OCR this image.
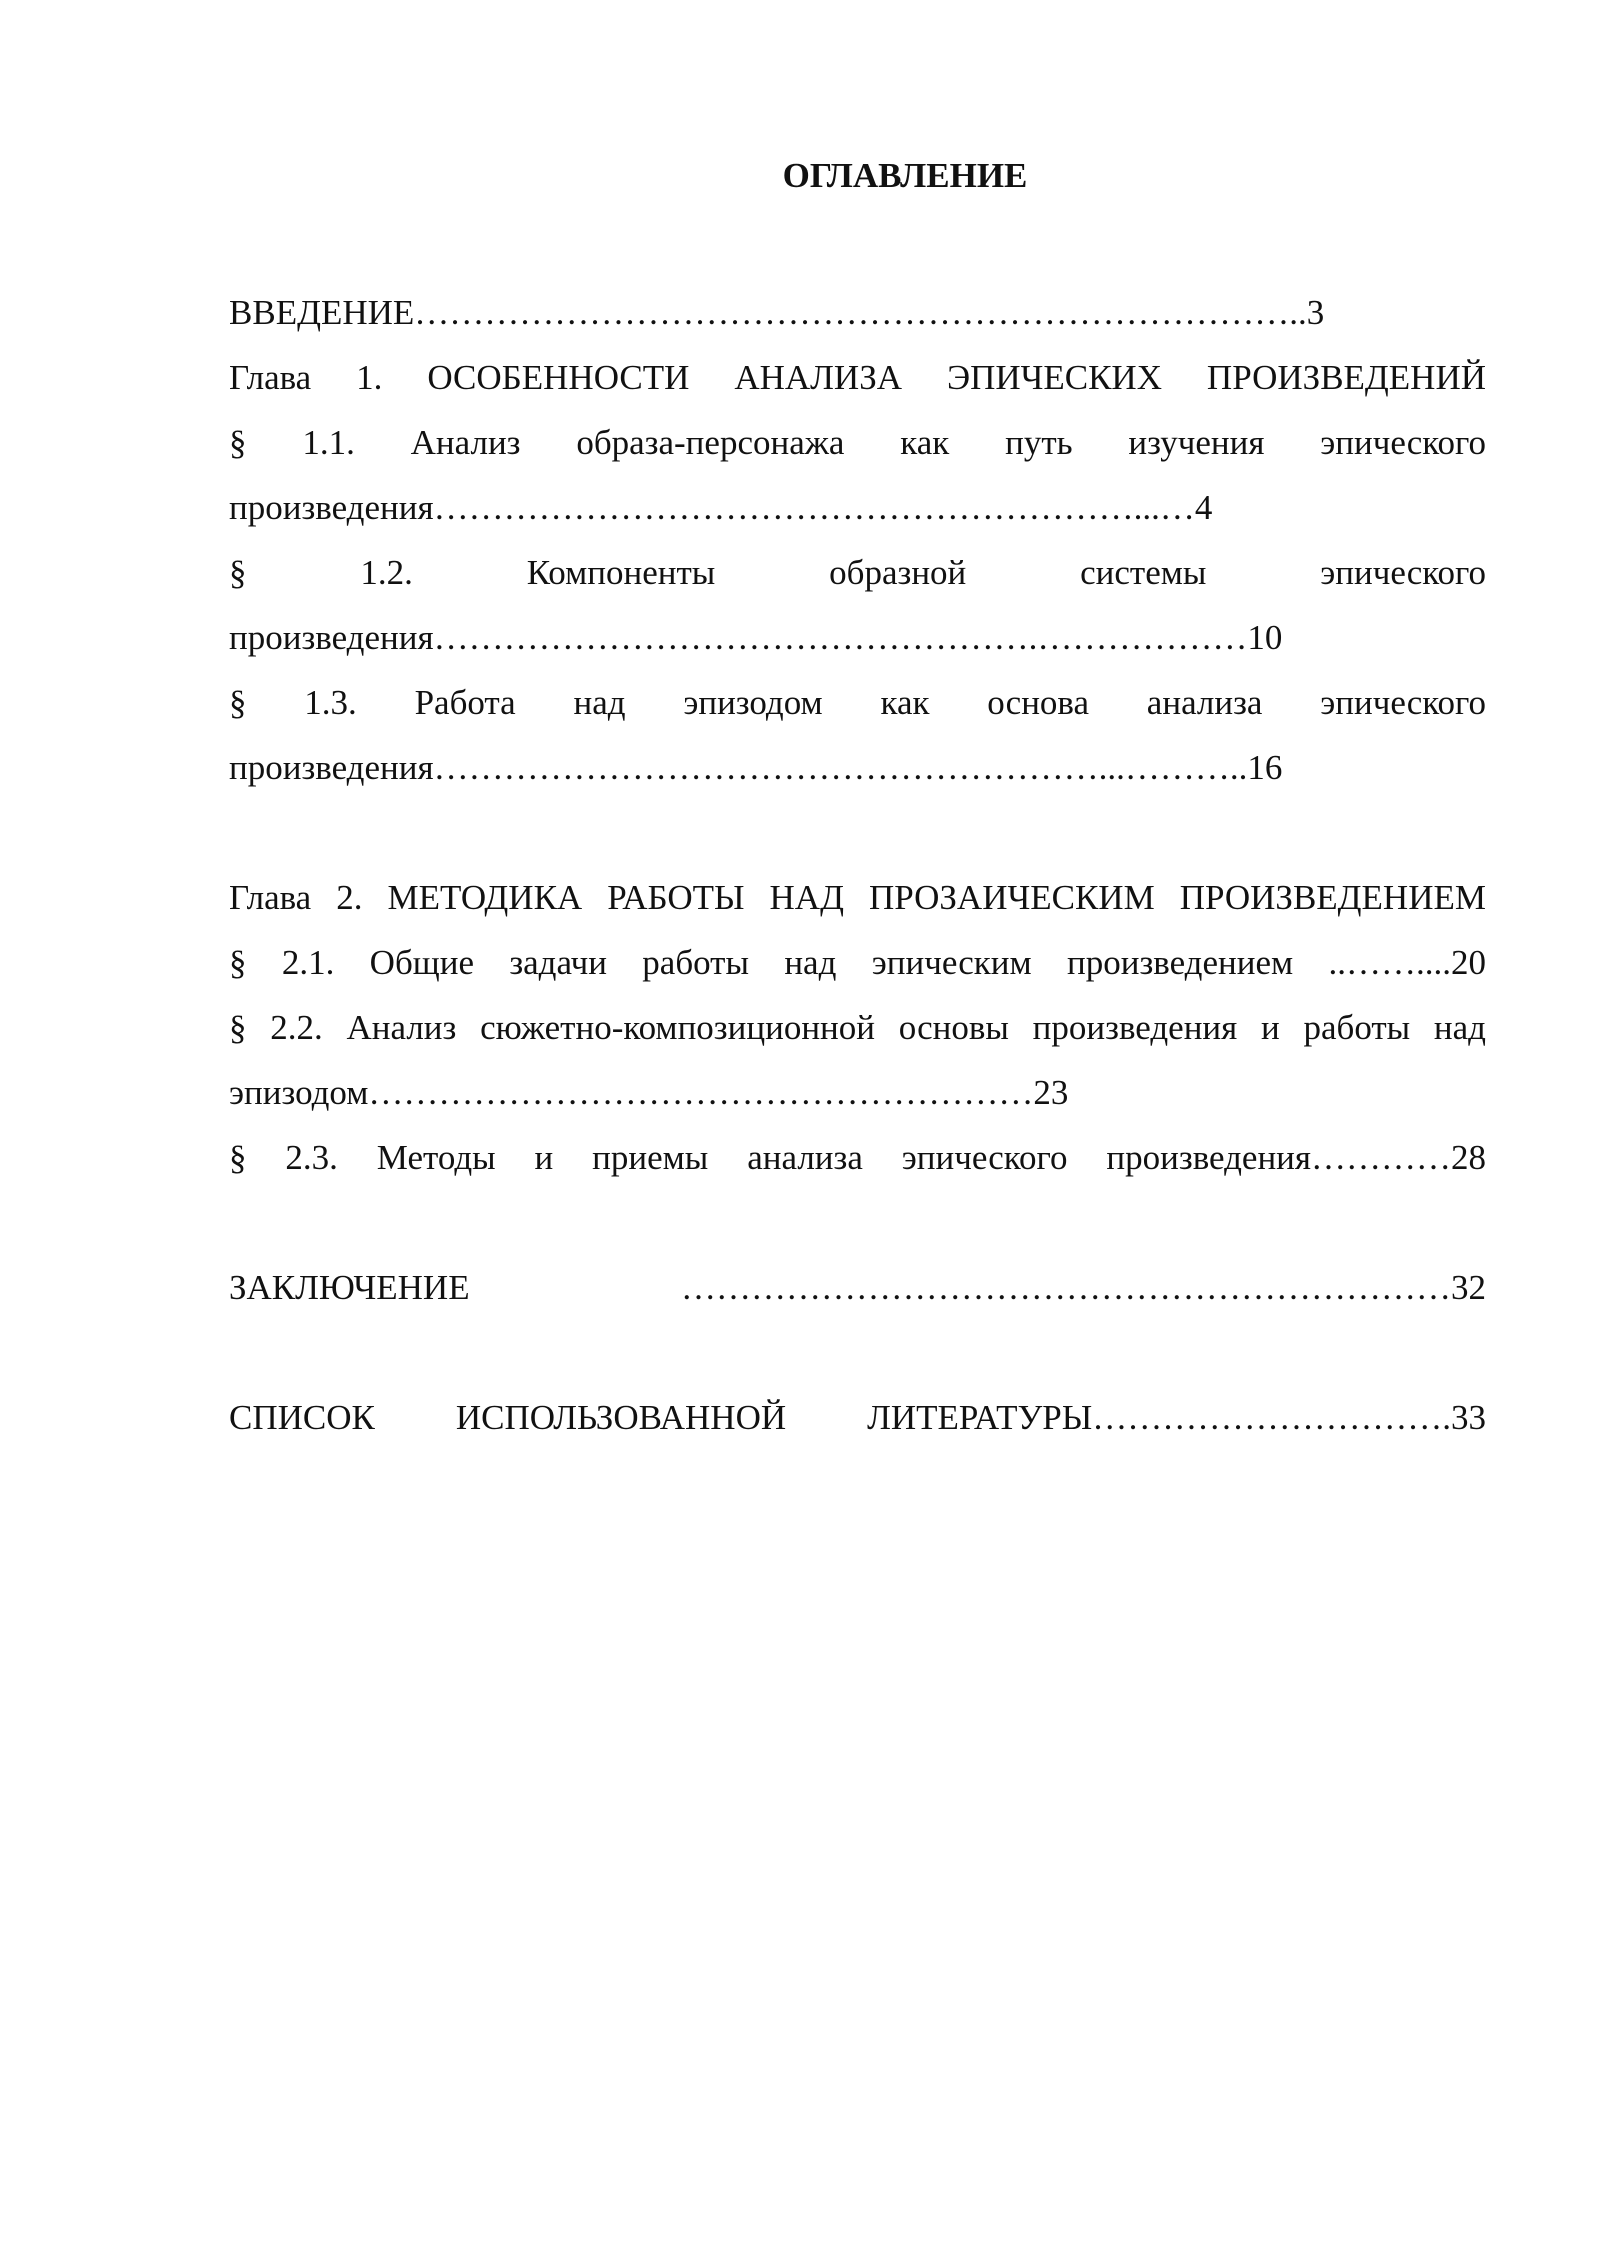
ОГЛАВЛЕНИЕ

ВВЕДЕНИЕ…………………………………………………………………..3

Глава 1. ОСОБЕННОСТИ АНАЛИЗА ЭПИЧЕСКИХ ПРОИЗВЕДЕНИЙ

§ 1.1. Анализ образа-персонажа как путь изучения эпического

произведения……………………………………………………...…4

§ 1.2. Компоненты образной системы эпического

произведения…………………………………………….………………10

§ 1.3. Работа над эпизодом как основа анализа эпического

произведения…………………………………………………...………..16

Глава 2. МЕТОДИКА РАБОТЫ НАД ПРОЗАИЧЕСКИМ ПРОИЗВЕДЕНИЕМ

§ 2.1. Общие задачи работы над эпическим произведением ..……....20

§ 2.2. Анализ сюжетно-композиционной основы произведения и работы над

эпизодом…………………………………………………23

§ 2.3. Методы и приемы анализа эпического произведения…………28

ЗАКЛЮЧЕНИЕ	…………………………………………………………32

СПИСОК ИСПОЛЬЗОВАННОЙ ЛИТЕРАТУРЫ………………………….33
